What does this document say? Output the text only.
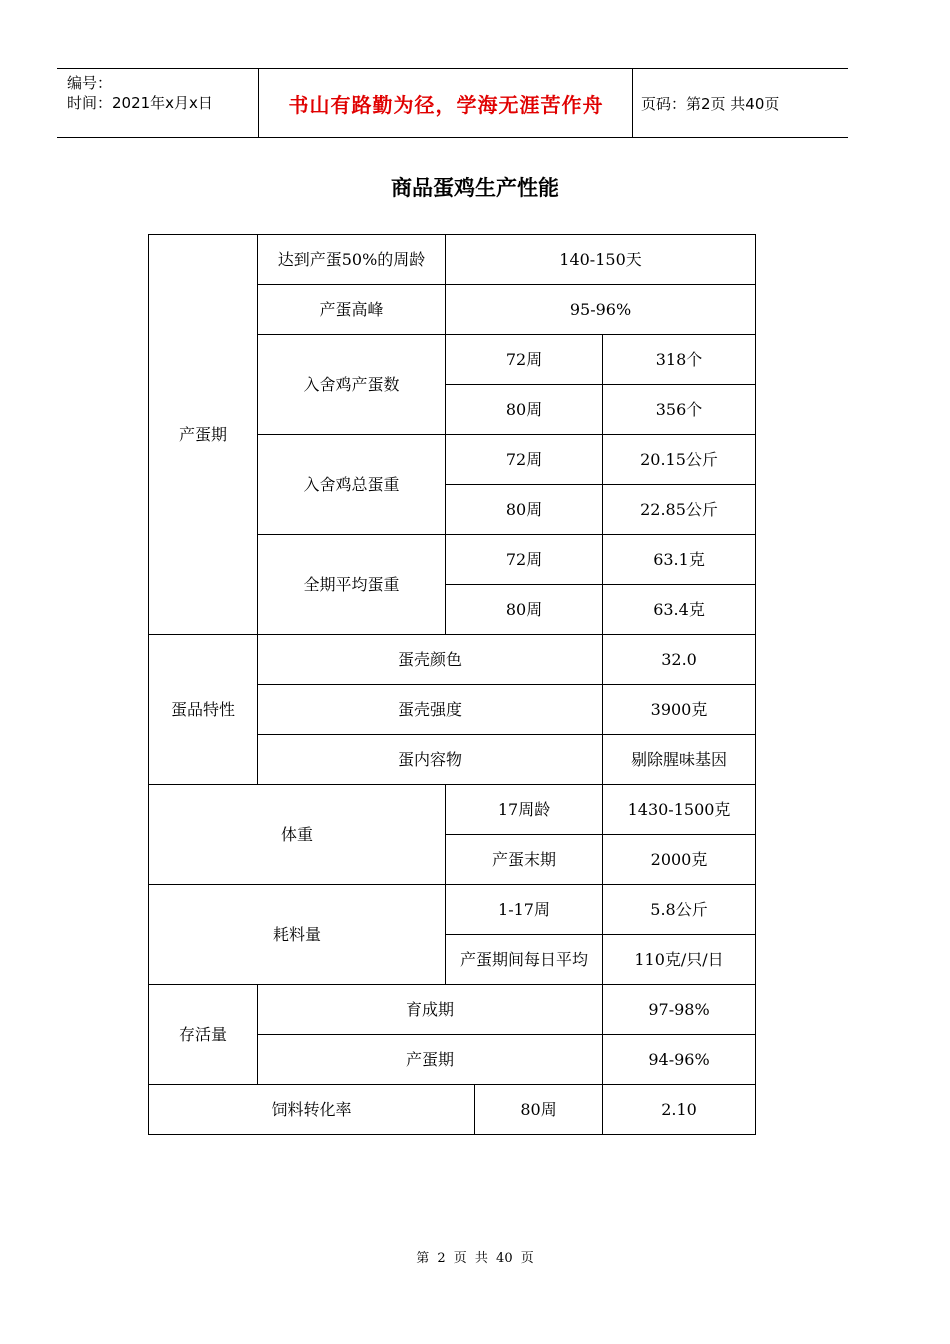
编号：
时间：2021年x月x日	书山有路勤为径，学海无涯苦作舟	页码：第2页 共40页
商品蛋鸡生产性能
产蛋期	达到产蛋50%的周龄	140-150天		
	产蛋高峰	95-96%		
	入舍鸡产蛋数	72周		318个
		80周		356个
	入舍鸡总蛋重	72周		20.15公斤
		80周		22.85公斤
	全期平均蛋重	72周		63.1克
		80周		63.4克
蛋品特性	蛋壳颜色			32.0
	蛋壳强度			3900克
	蛋内容物			剔除腥味基因
体重		17周龄		1430-1500克
		产蛋末期		2000克
耗料量		1-17周		5.8公斤
		产蛋期间每日平均		110克/只/日
存活量	育成期			97-98%
	产蛋期			94-96%
饲料转化率			80周	2.10
第 2 页 共 40 页
